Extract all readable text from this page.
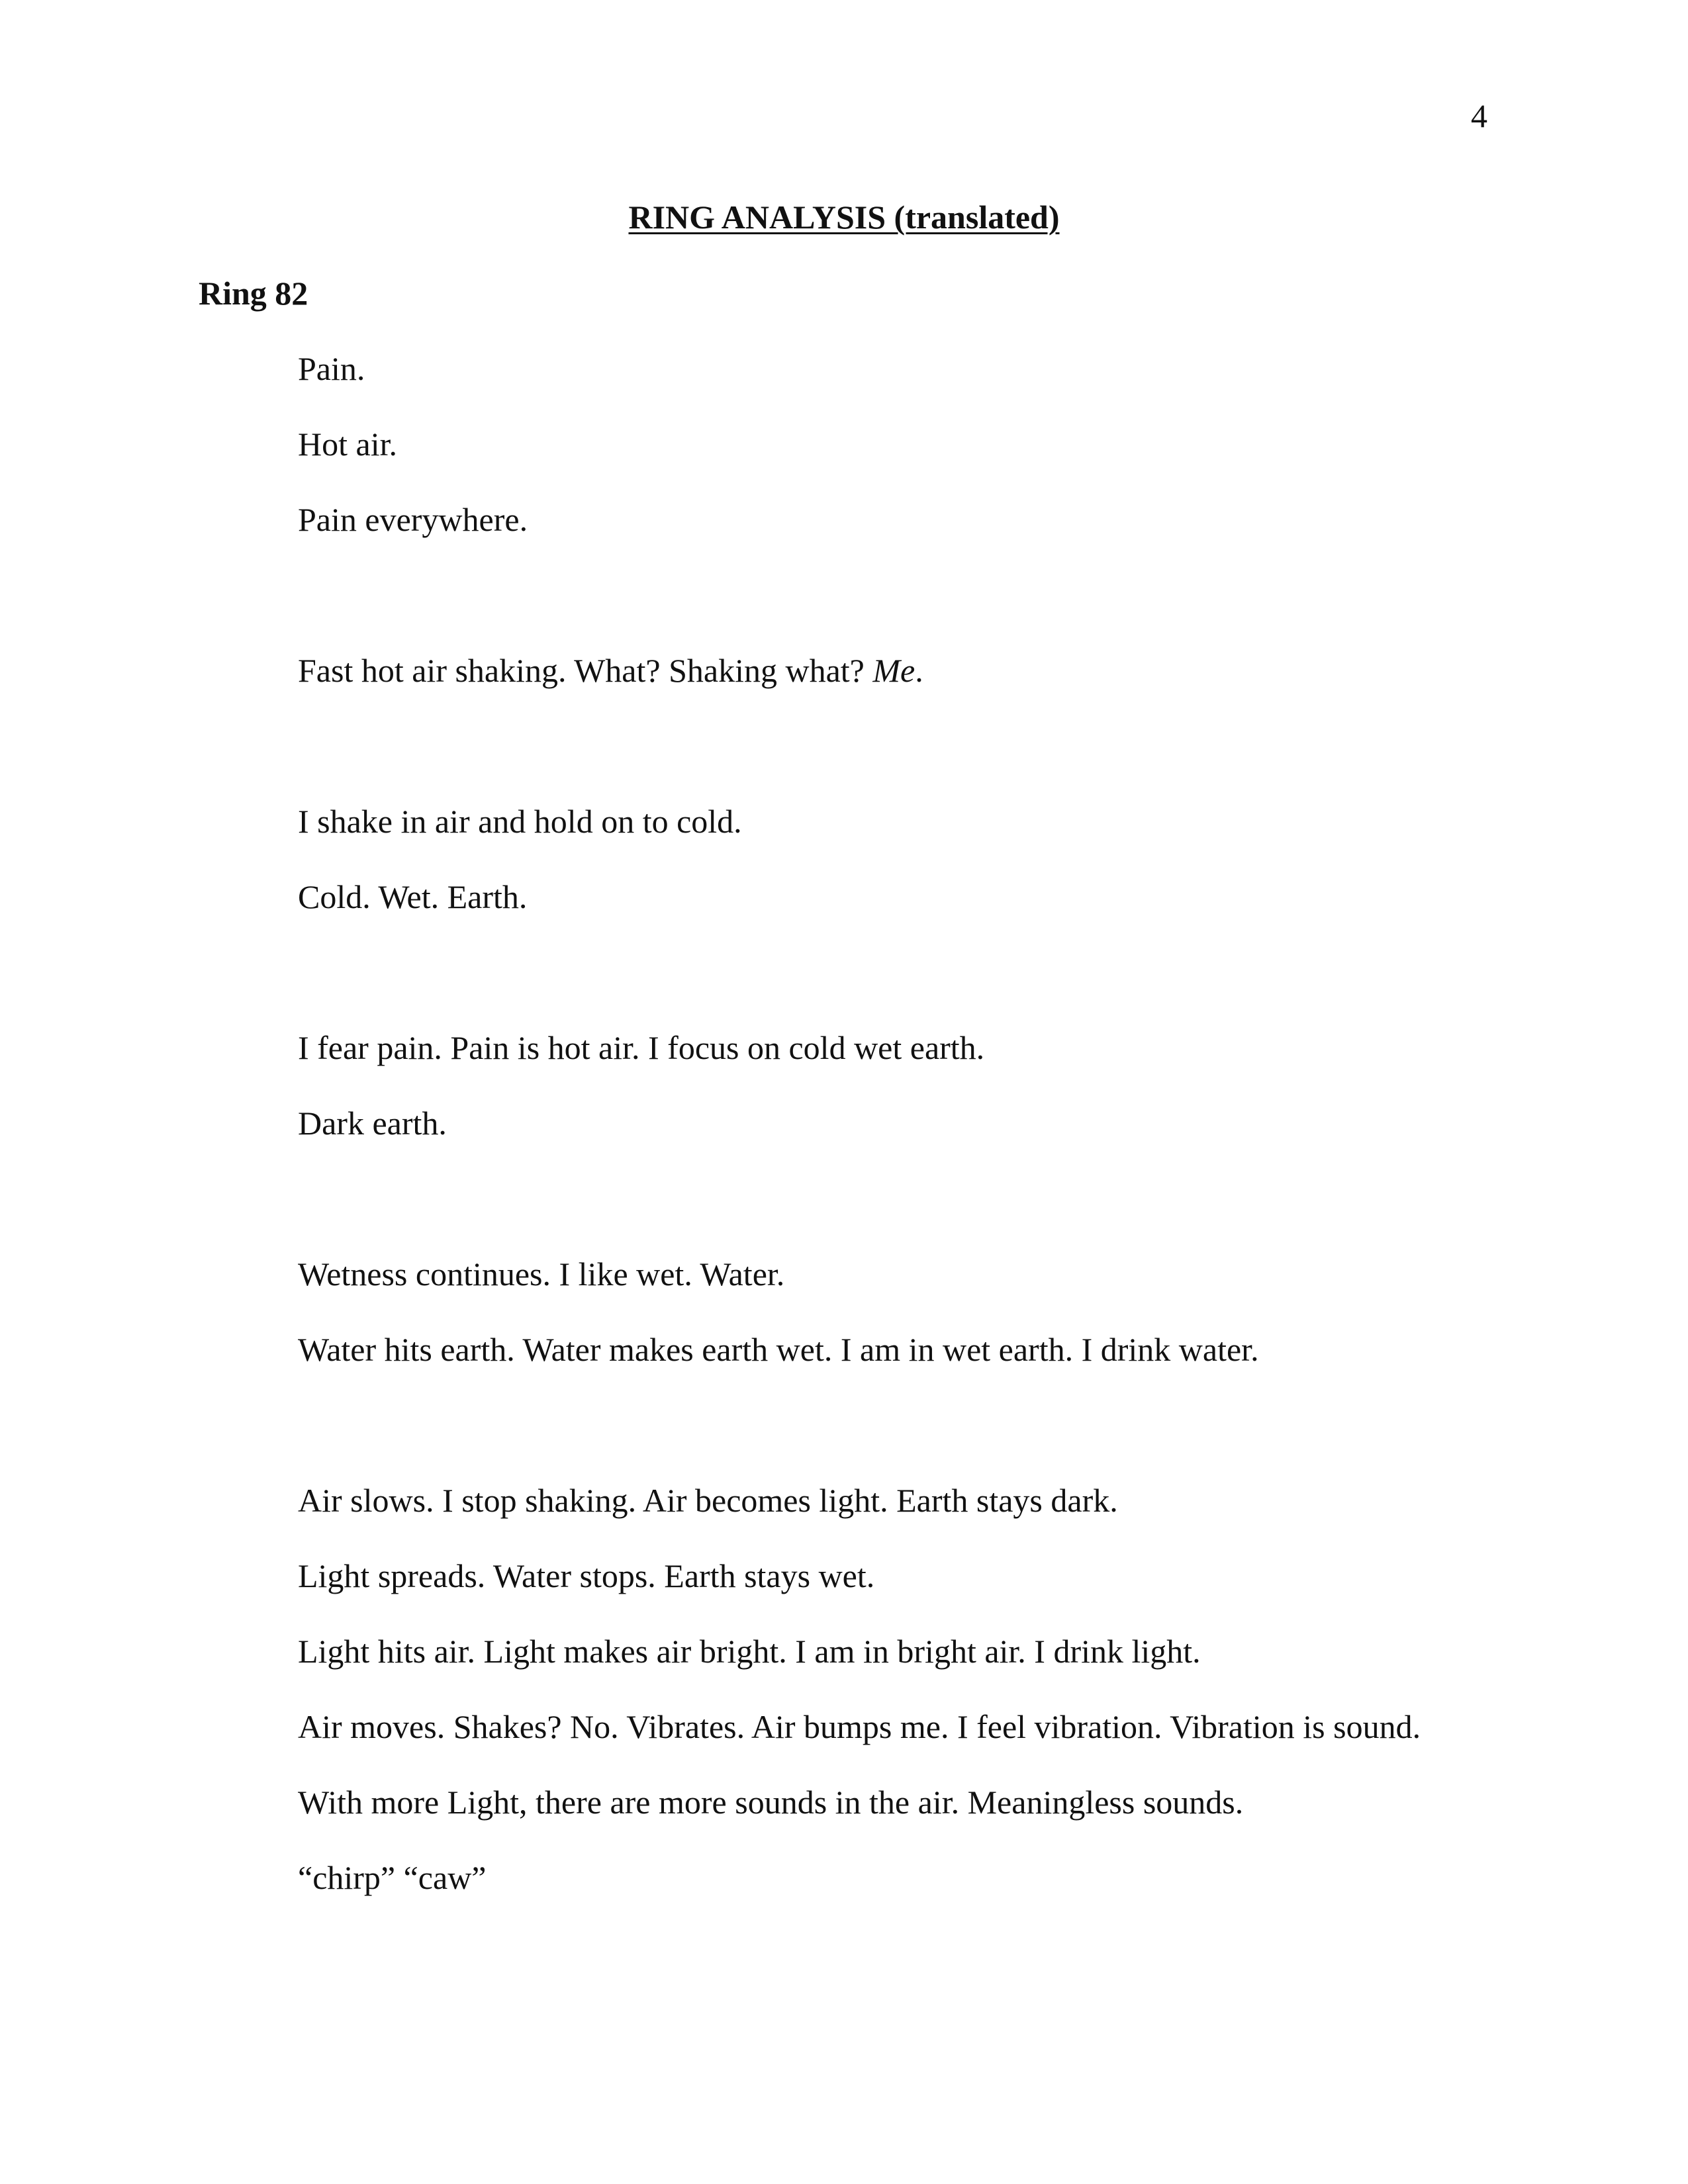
4
RING ANALYSIS (translated)
Ring 82
Pain.
Hot air.
Pain everywhere.
Fast hot air shaking. What? Shaking what? Me.
I shake in air and hold on to cold.
Cold. Wet. Earth.
I fear pain. Pain is hot air. I focus on cold wet earth.
Dark earth.
Wetness continues. I like wet. Water.
Water hits earth. Water makes earth wet. I am in wet earth. I drink water.
Air slows. I stop shaking. Air becomes light. Earth stays dark.
Light spreads. Water stops. Earth stays wet.
Light hits air. Light makes air bright. I am in bright air. I drink light.
Air moves. Shakes? No. Vibrates. Air bumps me. I feel vibration. Vibration is sound.
With more Light, there are more sounds in the air. Meaningless sounds.
“chirp” “caw”
